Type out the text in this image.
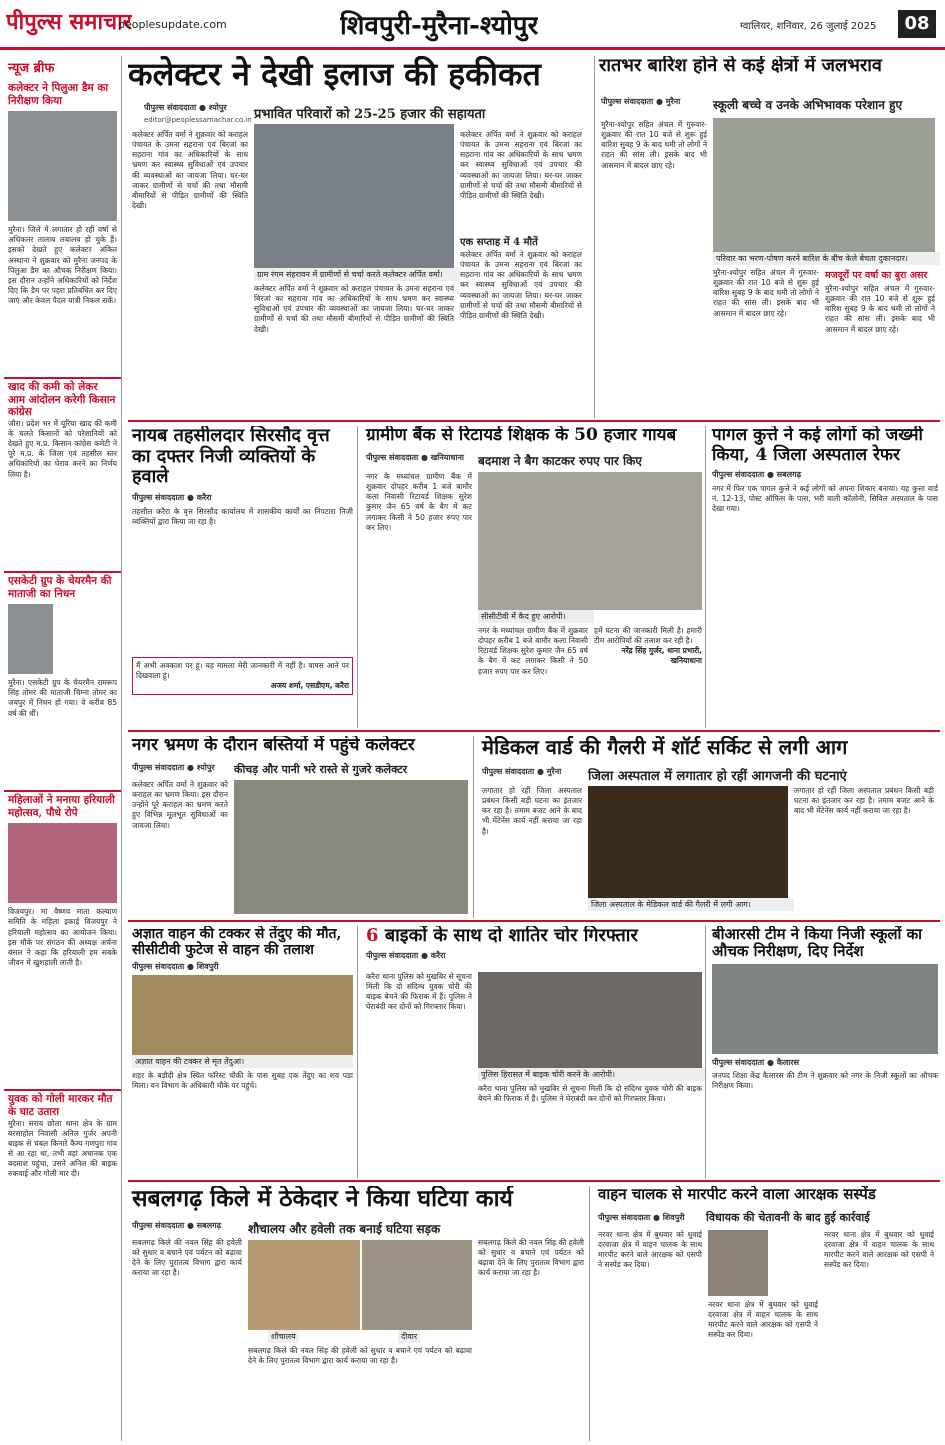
पीपुल्स समाचार
peoplesupdate.com	शिवपुरी-मुरैना-श्योपुर	ग्वालियर, शनिवार, 26 जुलाई 2025	08
न्यूज ब्रीफ
कलेक्टर ने पिलुआ डैम का निरीक्षण किया
मुरैना। जिले में लगातार हो रही वर्षा से अधिकतर तालाब लबालब हो चुके हैं। इसको देखते हुए कलेक्टर अंकित अस्थाना ने शुक्रवार को मुरैना जनपद के पिलुआ डैम का औचक निरीक्षण किया। इस दौरान उन्होंने अधिकारियों को निर्देश दिए कि डैम पर पहरा प्रतिबंधित कर दिए जाएं और केवल पैदल यात्री निकल सकें।
खाद की कमी को लेकर आम आंदोलन करेगी किसान कांग्रेस
जौरा। प्रदेश भर में यूरिया खाद की कमी के चलते किसानों को परेशानियों को देखते हुए म.प्र. किसान कांग्रेस कमेटी ने पूरे म.प्र. के जिला एवं तहसील स्तर अधिकारियों का घेराव करने का निर्णय लिया है।
एसकेटी ग्रुप के चेयरमैन की माताजी का निधन
मुरैना। एसकेटी ग्रुप के चेयरमैन रामरूप सिंह तोमर की माताजी चिम्ना तोमर का जयपुर में निधन हो गया। वे करीब 85 वर्ष की थीं।
महिलाओं ने मनाया हरियाली महोत्सव, पौधे रोपे
विजयपुर। मां वैष्णव माता कल्याण समिति के महिला इकाई विजयपुर ने हरियाली महोत्सव का आयोजन किया। इस मौके पर संगठन की अध्यक्ष अर्चना बंसल ने कहा कि हरियाली हम सबके जीवन में खुशहाली लाती है।
युवक को गोली मारकर मौत के घाट उतारा
मुरैना। सराय छोला थाना क्षेत्र के ग्राम बरसाहोल निवासी अनिल गुर्जर अपनी बाइक से चंबल किनारे कैम्प गणपुरा गांव से आ रहा था, तभी वहां अचानक एक बदमाश पहुंचा, उसने अनिल की बाइक रुकवाई और गोली मार दी।
कलेक्टर ने देखी इलाज की हकीकत
पीपुल्स संवाददाता ● श्योपुर प्रभावित परिवारों को 25-25 हजार की सहायता
editor@peoplessamachar.co.in
कलेक्टर अर्पित वर्मा ने शुक्रवार को कराहल पंचायत के उमना सहराना एवं बिरजां का सहराना गांव का अधिकारियों के साथ भ्रमण कर स्वास्थ्य सुविधाओं एवं उपचार की व्यवस्थाओं का जायजा लिया। घर-घर जाकर ग्रामीणों से चर्चा की तथा मौसमी बीमारियों से पीड़ित ग्रामीणों की स्थिति देखी।
ग्राम रंगम संहरावन में ग्रामीणों से चर्चा करते कलेक्टर अर्पित वर्मा।
कलेक्टर अर्पित वर्मा ने शुक्रवार को कराहल पंचायत के उमना सहराना एवं बिरजां का सहराना गांव का अधिकारियों के साथ भ्रमण कर स्वास्थ्य सुविधाओं एवं उपचार की व्यवस्थाओं का जायजा लिया। घर-घर जाकर ग्रामीणों से चर्चा की तथा मौसमी बीमारियों से पीड़ित ग्रामीणों की स्थिति देखी।
कलेक्टर अर्पित वर्मा ने शुक्रवार को कराहल पंचायत के उमना सहराना एवं बिरजां का सहराना गांव का अधिकारियों के साथ भ्रमण कर स्वास्थ्य सुविधाओं एवं उपचार की व्यवस्थाओं का जायजा लिया। घर-घर जाकर ग्रामीणों से चर्चा की तथा मौसमी बीमारियों से पीड़ित ग्रामीणों की स्थिति देखी।
एक सप्ताह में 4 मौतें
कलेक्टर अर्पित वर्मा ने शुक्रवार को कराहल पंचायत के उमना सहराना एवं बिरजां का सहराना गांव का अधिकारियों के साथ भ्रमण कर स्वास्थ्य सुविधाओं एवं उपचार की व्यवस्थाओं का जायजा लिया। घर-घर जाकर ग्रामीणों से चर्चा की तथा मौसमी बीमारियों से पीड़ित ग्रामीणों की स्थिति देखी।
रातभर बारिश होने से कई क्षेत्रों में जलभराव
पीपुल्स संवाददाता ● मुरैना	स्कूली बच्चे व उनके अभिभावक परेशान हुए
मुरैना-श्योपुर सहित अंचल में गुरुवार-शुक्रवार की रात 10 बजे से शुरू हुई बारिश सुबह 9 के बाद थमी तो लोगों ने राहत की सांस ली। इसके बाद भी आसमान में बादल छाए रहे।
परिवार का भरण-पोषण करने बारिश के बीच केले बेचता दुकानदार।
मुरैना-श्योपुर सहित अंचल में गुरुवार-शुक्रवार की रात 10 बजे से शुरू हुई बारिश सुबह 9 के बाद थमी तो लोगों ने राहत की सांस ली। इसके बाद भी आसमान में बादल छाए रहे।
मजदूरों पर वर्षा का बुरा असर
मुरैना-श्योपुर सहित अंचल में गुरुवार-शुक्रवार की रात 10 बजे से शुरू हुई बारिश सुबह 9 के बाद थमी तो लोगों ने राहत की सांस ली। इसके बाद भी आसमान में बादल छाए रहे।
नायब तहसीलदार सिरसौद वृत्त का दफ्तर निजी व्यक्तियों के हवाले
पीपुल्स संवाददाता ● करैरा
तहसील करैरा के वृत्त सिरसौद कार्यालय में शासकीय कार्यों का निपटारा निजी व्यक्तियों द्वारा किया जा रहा है।
मैं अभी अवकाश पर हूं। यह मामला मेरी जानकारी में नहीं है। वापस आने पर दिखवाता हूं।
अजय शर्मा, एसडीएम, करैरा
ग्रामीण बैंक से रिटायर्ड शिक्षक के 50 हजार गायब
पीपुल्स संवाददाता ● खनियाधाना बदमाश ने बैग काटकर रुपए पार किए
नगर के मध्यांचल ग्रामीण बैंक में शुक्रवार दोपहर करीब 1 बजे बामौर कला निवासी रिटायर्ड शिक्षक सुरेश कुमार जैन 65 वर्ष के बैग में कट लगाकर किसी ने 50 हजार रुपए पार कर लिए।
सीसीटीवी में कैद हुए आरोपी।
नगर के मध्यांचल ग्रामीण बैंक में शुक्रवार दोपहर करीब 1 बजे बामौर कला निवासी रिटायर्ड शिक्षक सुरेश कुमार जैन 65 वर्ष के बैग में कट लगाकर किसी ने 50 हजार रुपए पार कर लिए।
हमें घटना की जानकारी मिली है। हमारी टीम आरोपियों की तलाश कर रही है।
नरेंद्र सिंह गुर्जर, थाना प्रभारी, खनियाधाना
पागल कुत्ते ने कई लोगों को जख्मी किया, 4 जिला अस्पताल रेफर
पीपुल्स संवाददाता ● सबलगढ़
नगर में फिर एक पागल कुत्ते ने कई लोगों को अपना शिकार बनाया। यह कुत्ता वार्ड नं. 12-13, पोस्ट ऑफिस के पास, भरी वाली कॉलोनी, सिविल अस्पताल के पास देखा गया।
नगर भ्रमण के दौरान बस्तियों में पहुंचे कलेक्टर
पीपुल्स संवाददाता ● श्योपुर कीचड़ और पानी भरे रास्ते से गुजरे कलेक्टर
कलेक्टर अर्पित वर्मा ने शुक्रवार को कराहल का भ्रमण किया। इस दौरान उन्होंने पूरे कराहल का भ्रमण करते हुए विभिन्न मूलभूत सुविधाओं का जायजा लिया।
मेडिकल वार्ड की गैलरी में शॉर्ट सर्किट से लगी आग
पीपुल्स संवाददाता ● मुरैना जिला अस्पताल में लगातार हो रहीं आगजनी की घटनाएं
लगातार हो रहीं जिला अस्पताल प्रबंधन किसी बड़ी घटना का इंतजार कर रहा है। तमाम बजट आने के बाद भी मेंटेनेंस कार्य नहीं कराया जा रहा है।
जिला अस्पताल के मेडिकल वार्ड की गैलरी में लगी आग।
लगातार हो रहीं जिला अस्पताल प्रबंधन किसी बड़ी घटना का इंतजार कर रहा है। तमाम बजट आने के बाद भी मेंटेनेंस कार्य नहीं कराया जा रहा है।
अज्ञात वाहन की टक्कर से तेंदुए की मौत, सीसीटीवी फुटेज से वाहन की तलाश
पीपुल्स संवाददाता ● शिवपुरी
अज्ञात वाहन की टक्कर से मृत तेंदुआ।
शहर के बड़ौदी क्षेत्र स्थित फॉरेस्ट चौकी के पास सुबह एक तेंदुए का शव पड़ा मिला। वन विभाग के अधिकारी मौके पर पहुंचे।
6 बाइकों के साथ दो शातिर चोर गिरफ्तार
पीपुल्स संवाददाता ● करैरा
करैरा थाना पुलिस को मुखबिर से सूचना मिली कि दो संदिग्ध युवक चोरी की बाइक बेचने की फिराक में हैं। पुलिस ने घेराबंदी कर दोनों को गिरफ्तार किया।
पुलिस हिरासत में बाइक चोरी करने के आरोपी।
करैरा थाना पुलिस को मुखबिर से सूचना मिली कि दो संदिग्ध युवक चोरी की बाइक बेचने की फिराक में हैं। पुलिस ने घेराबंदी कर दोनों को गिरफ्तार किया।
बीआरसी टीम ने किया निजी स्कूलों का औचक निरीक्षण, दिए निर्देश
पीपुल्स संवाददाता ● कैलारस
जनपद शिक्षा केंद्र कैलारस की टीम ने शुक्रवार को नगर के निजी स्कूलों का औचक निरीक्षण किया।
सबलगढ़ किले में ठेकेदार ने किया घटिया कार्य
पीपुल्स संवाददाता ● सबलगढ़ शौचालय और हवेली तक बनाई घटिया सड़क
सबलगढ़ किले की नवल सिंह की हवेली को सुधार व बचाने एवं पर्यटन को बढ़ावा देने के लिए पुरातत्व विभाग द्वारा कार्य कराया जा रहा है।
शौचालय	दीवार
सबलगढ़ किले की नवल सिंह की हवेली को सुधार व बचाने एवं पर्यटन को बढ़ावा देने के लिए पुरातत्व विभाग द्वारा कार्य कराया जा रहा है।
सबलगढ़ किले की नवल सिंह की हवेली को सुधार व बचाने एवं पर्यटन को बढ़ावा देने के लिए पुरातत्व विभाग द्वारा कार्य कराया जा रहा है।
वाहन चालक से मारपीट करने वाला आरक्षक सस्पेंड
पीपुल्स संवाददाता ● शिवपुरी विधायक की चेतावनी के बाद हुई कार्रवाई
नरवर थाना क्षेत्र में बुधवार को धुवाई दरवाजा क्षेत्र में वाहन चालक के साथ मारपीट करने वाले आरक्षक को एसपी ने सस्पेंड कर दिया।
नरवर थाना क्षेत्र में बुधवार को धुवाई दरवाजा क्षेत्र में वाहन चालक के साथ मारपीट करने वाले आरक्षक को एसपी ने सस्पेंड कर दिया।
नरवर थाना क्षेत्र में बुधवार को धुवाई दरवाजा क्षेत्र में वाहन चालक के साथ मारपीट करने वाले आरक्षक को एसपी ने सस्पेंड कर दिया।
